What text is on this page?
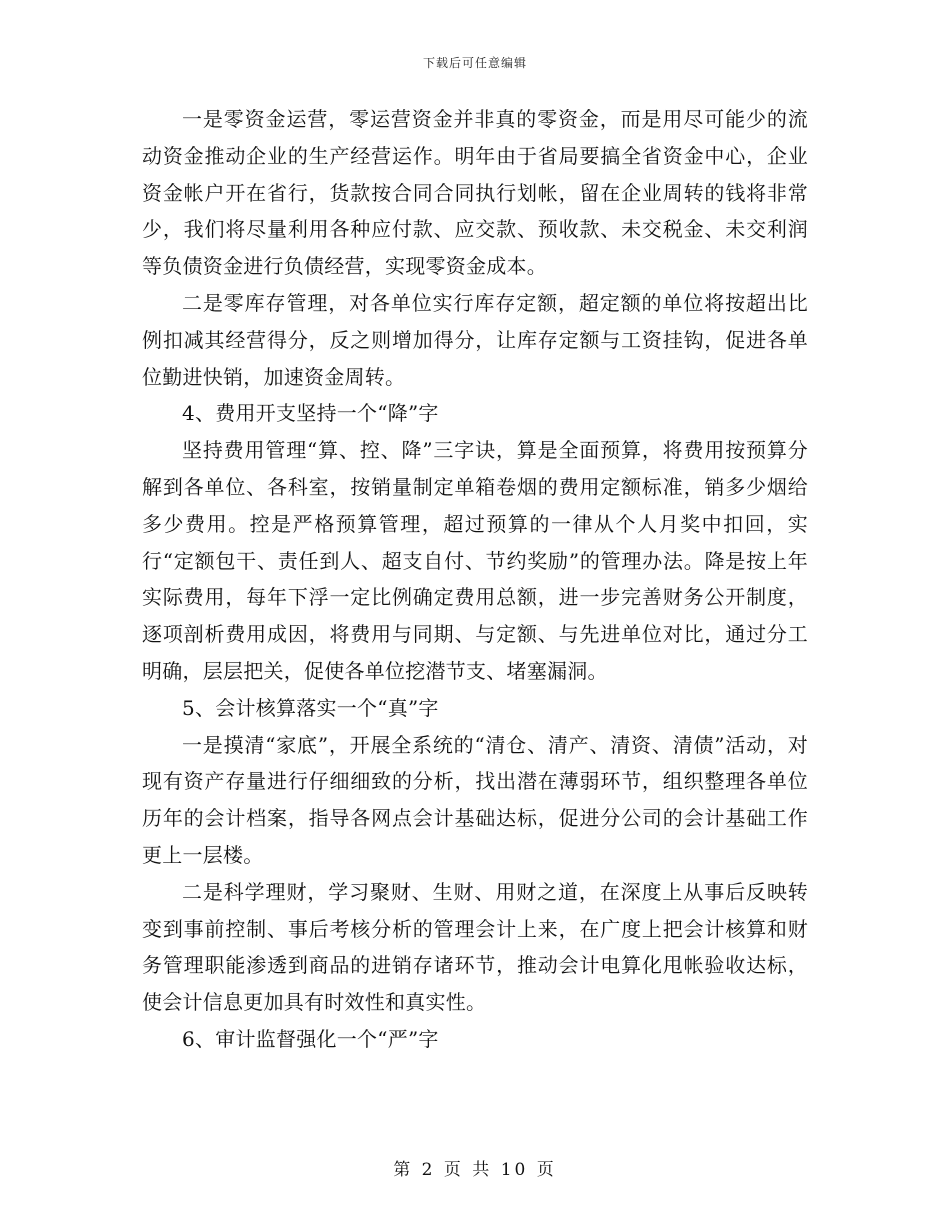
下载后可任意编辑

一是零资金运营，零运营资金并非真的零资金，而是用尽可能少的流动资金推动企业的生产经营运作。明年由于省局要搞全省资金中心，企业资金帐户开在省行，货款按合同合同执行划帐，留在企业周转的钱将非常少，我们将尽量利用各种应付款、应交款、预收款、未交税金、未交利润等负债资金进行负债经营，实现零资金成本。

二是零库存管理，对各单位实行库存定额，超定额的单位将按超出比例扣减其经营得分，反之则增加得分，让库存定额与工资挂钩，促进各单位勤进快销，加速资金周转。

4、费用开支坚持一个“降”字

坚持费用管理“算、控、降”三字诀，算是全面预算，将费用按预算分解到各单位、各科室，按销量制定单箱卷烟的费用定额标准，销多少烟给多少费用。控是严格预算管理，超过预算的一律从个人月奖中扣回，实行“定额包干、责任到人、超支自付、节约奖励”的管理办法。降是按上年实际费用，每年下浮一定比例确定费用总额，进一步完善财务公开制度，逐项剖析费用成因，将费用与同期、与定额、与先进单位对比，通过分工明确，层层把关，促使各单位挖潜节支、堵塞漏洞。

5、会计核算落实一个“真”字

一是摸清“家底”，开展全系统的“清仓、清产、清资、清债”活动，对现有资产存量进行仔细细致的分析，找出潜在薄弱环节，组织整理各单位历年的会计档案，指导各网点会计基础达标，促进分公司的会计基础工作更上一层楼。

二是科学理财，学习聚财、生财、用财之道，在深度上从事后反映转变到事前控制、事后考核分析的管理会计上来，在广度上把会计核算和财务管理职能渗透到商品的进销存诸环节，推动会计电算化甩帐验收达标，使会计信息更加具有时效性和真实性。

6、审计监督强化一个“严”字

第 2 页 共 10 页
